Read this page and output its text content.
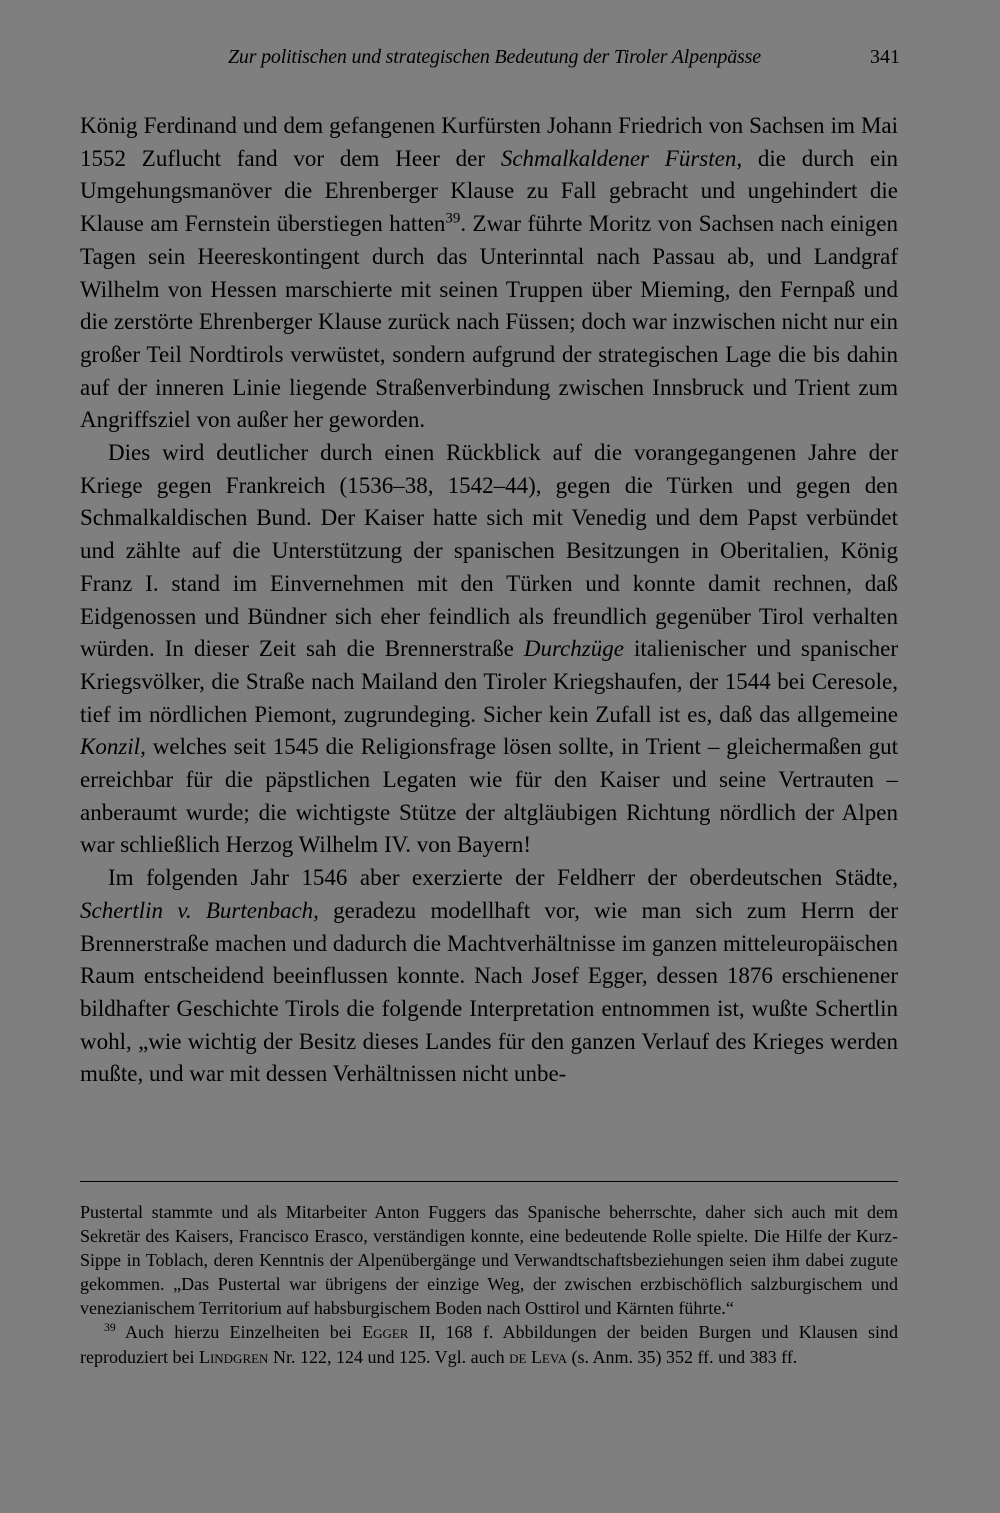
Zur politischen und strategischen Bedeutung der Tiroler Alpenpässe	341

König Ferdinand und dem gefangenen Kurfürsten Johann Friedrich von Sachsen im Mai 1552 Zuflucht fand vor dem Heer der Schmalkaldener Fürsten, die durch ein Umgehungsmanöver die Ehrenberger Klause zu Fall gebracht und ungehindert die Klause am Fernstein überstiegen hatten$^{39}$. Zwar führte Moritz von Sachsen nach einigen Tagen sein Heereskontingent durch das Unterinntal nach Passau ab, und Landgraf Wilhelm von Hessen marschierte mit seinen Truppen über Mieming, den Fernpaß und die zerstörte Ehrenberger Klause zurück nach Füssen; doch war inzwischen nicht nur ein großer Teil Nordtirols verwüstet, sondern aufgrund der strategischen Lage die bis dahin auf der inneren Linie liegende Straßenverbindung zwischen Innsbruck und Trient zum Angriffsziel von außer her geworden.

Dies wird deutlicher durch einen Rückblick auf die vorangegangenen Jahre der Kriege gegen Frankreich (1536–38, 1542–44), gegen die Türken und gegen den Schmalkaldischen Bund. Der Kaiser hatte sich mit Venedig und dem Papst verbündet und zählte auf die Unterstützung der spanischen Besitzungen in Oberitalien, König Franz I. stand im Einvernehmen mit den Türken und konnte damit rechnen, daß Eidgenossen und Bündner sich eher feindlich als freundlich gegenüber Tirol verhalten würden. In dieser Zeit sah die Brennerstraße Durchzüge italienischer und spanischer Kriegsvölker, die Straße nach Mailand den Tiroler Kriegshaufen, der 1544 bei Ceresole, tief im nördlichen Piemont, zugrundeging. Sicher kein Zufall ist es, daß das allgemeine Konzil, welches seit 1545 die Religionsfrage lösen sollte, in Trient – gleichermaßen gut erreichbar für die päpstlichen Legaten wie für den Kaiser und seine Vertrauten – anberaumt wurde; die wichtigste Stütze der altgläubigen Richtung nördlich der Alpen war schließlich Herzog Wilhelm IV. von Bayern!

Im folgenden Jahr 1546 aber exerzierte der Feldherr der oberdeutschen Städte, Schertlin v. Burtenbach, geradezu modellhaft vor, wie man sich zum Herrn der Brennerstraße machen und dadurch die Machtverhältnisse im ganzen mitteleuropäischen Raum entscheidend beeinflussen konnte. Nach Josef Egger, dessen 1876 erschienener bildhafter Geschichte Tirols die folgende Interpretation entnommen ist, wußte Schertlin wohl, „wie wichtig der Besitz dieses Landes für den ganzen Verlauf des Krieges werden mußte, und war mit dessen Verhältnissen nicht unbe-

Pustertal stammte und als Mitarbeiter Anton Fuggers das Spanische beherrschte, daher sich auch mit dem Sekretär des Kaisers, Francisco Erasco, verständigen konnte, eine bedeutende Rolle spielte. Die Hilfe der Kurz-Sippe in Toblach, deren Kenntnis der Alpenübergänge und Verwandtschaftsbeziehungen seien ihm dabei zugute gekommen. „Das Pustertal war übrigens der einzige Weg, der zwischen erzbischöflich salzburgischem und venezianischem Territorium auf habsburgischem Boden nach Osttirol und Kärnten führte.“

$^{39}$ Auch hierzu Einzelheiten bei Egger II, 168 f. Abbildungen der beiden Burgen und Klausen sind reproduziert bei Lindgren Nr. 122, 124 und 125. Vgl. auch de Leva (s. Anm. 35) 352 ff. und 383 ff.
